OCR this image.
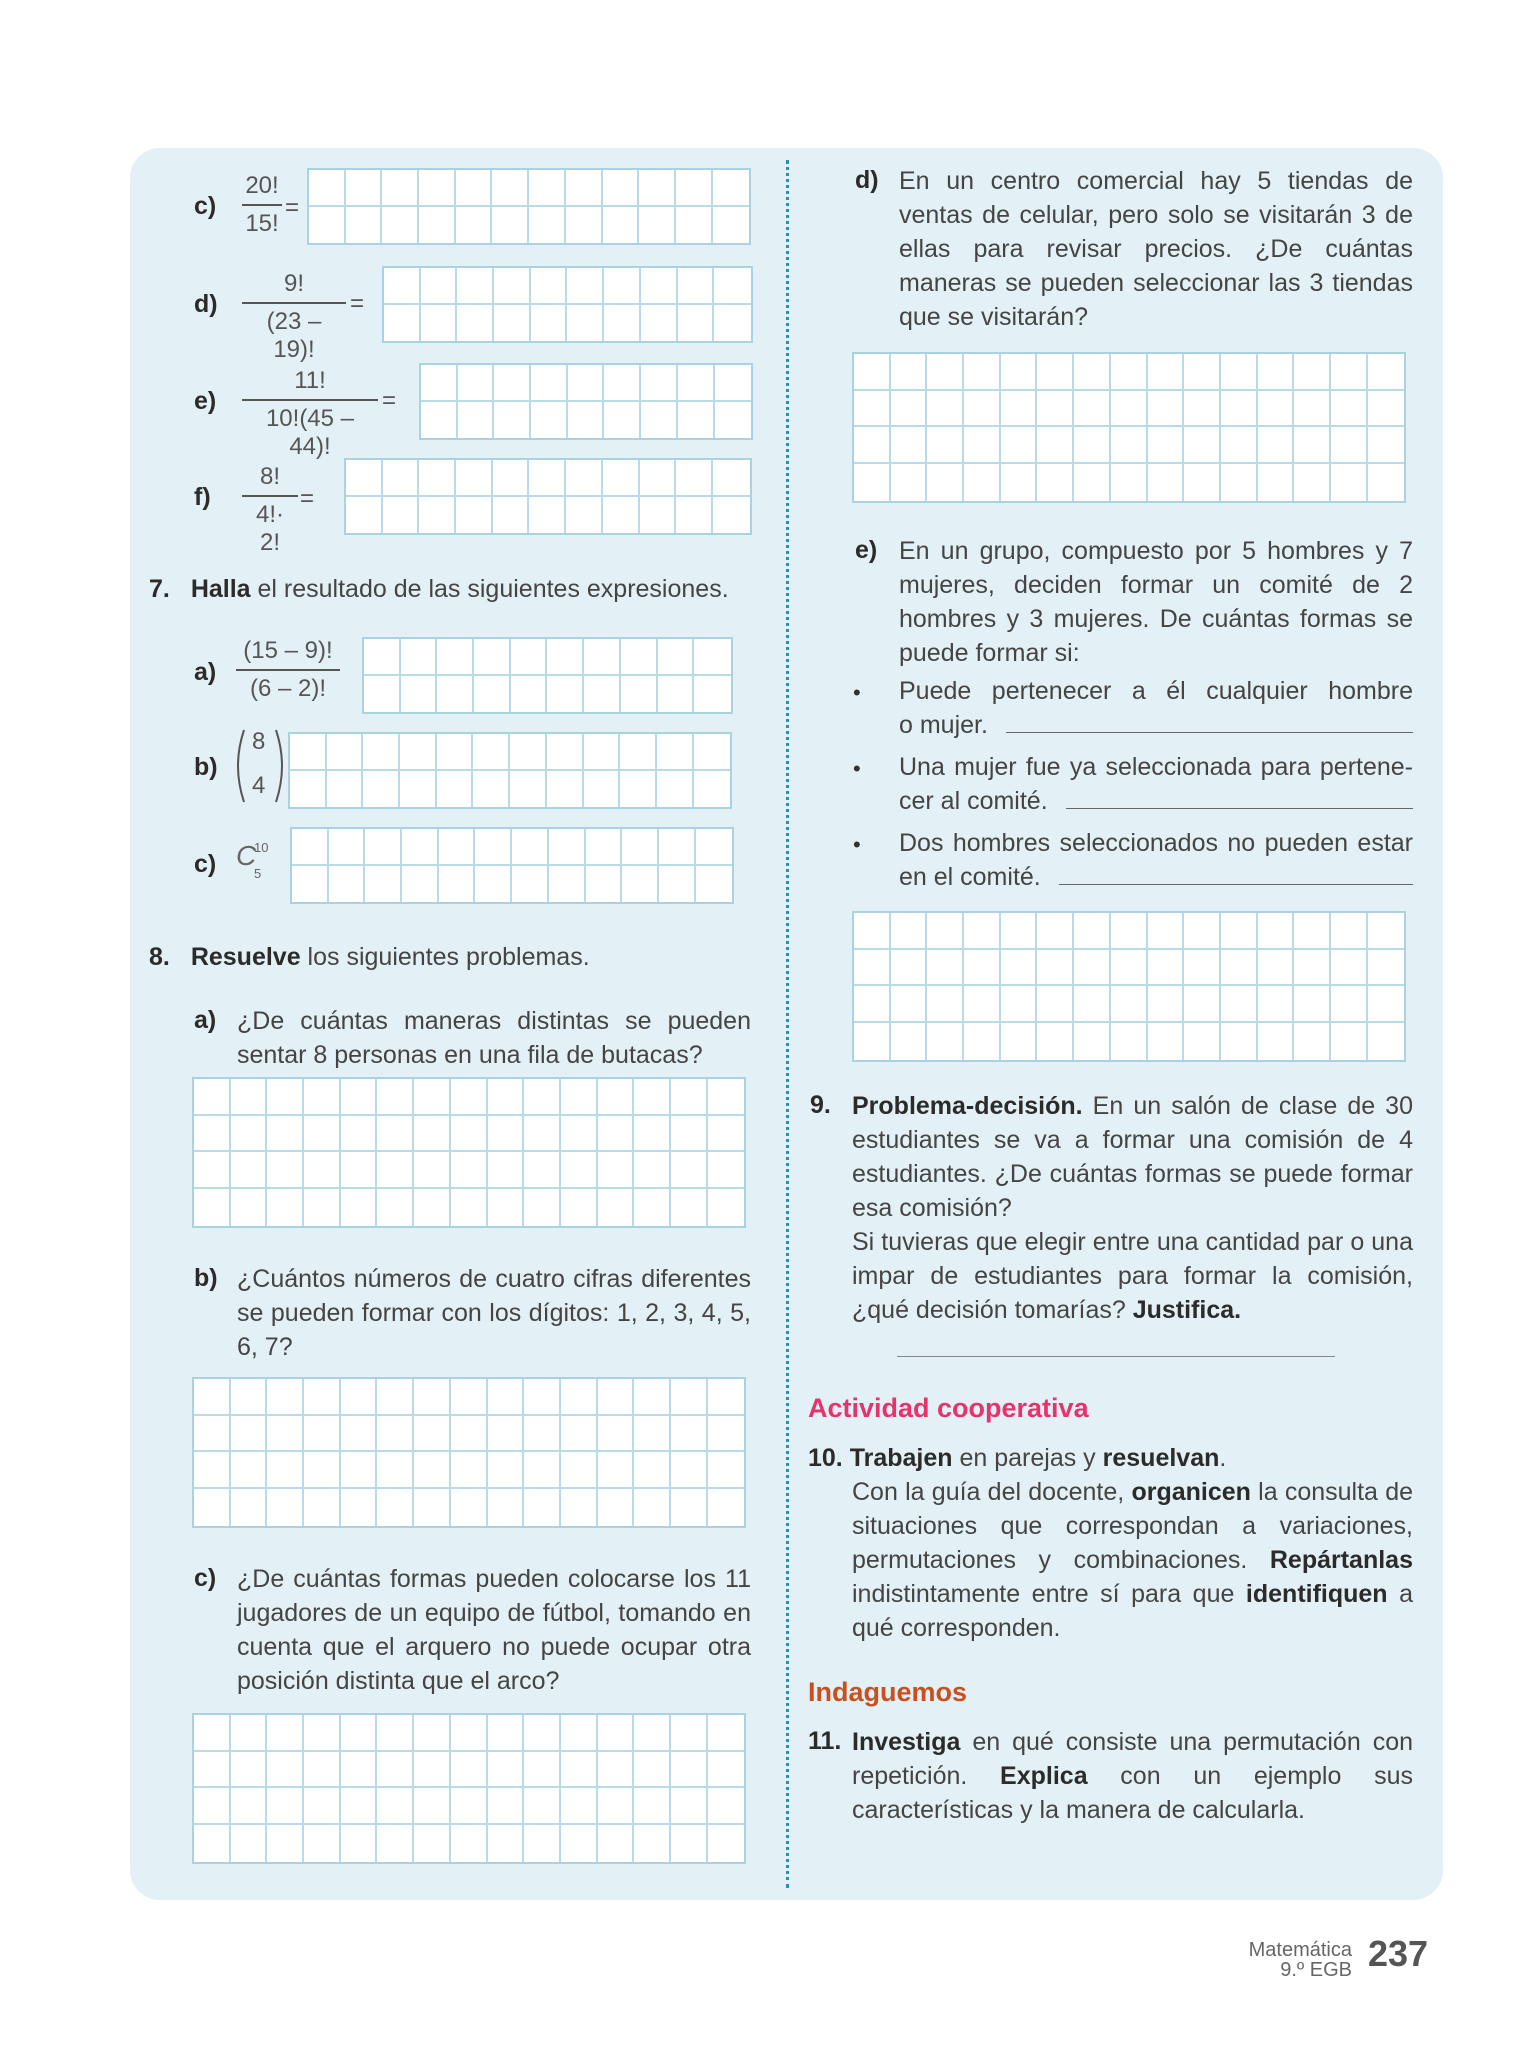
c)
20!
15!
=
d)
9!
(23 – 19)!
=
e)
11!
10!(45 – 44)!
=
f)
8!
4!· 2!
=
7. Halla el resultado de las siguientes expresiones.
a)
(15 – 9)!
(6 – 2)!
b)
8
4
c) C
10
5
8. Resuelve los siguientes problemas.
a) ¿De cuántas maneras distintas se pueden sentar 8 personas en una fila de butacas?
b) ¿Cuántos números de cuatro cifras diferentes se pueden formar con los dígitos: 1, 2, 3, 4, 5, 6, 7?
c) ¿De cuántas formas pueden colocarse los 11 jugadores de un equipo de fútbol, tomando en cuenta que el arquero no puede ocupar otra posición distinta que el arco?
d) En un centro comercial hay 5 tiendas de ventas de celular, pero solo se visitarán 3 de ellas para revisar precios. ¿De cuántas maneras se pueden seleccionar las 3 tiendas que se visitarán?
e) En un grupo, compuesto por 5 hombres y 7 mujeres, deciden formar un comité de 2 hombres y 3 mujeres. De cuántas formas se puede formar si:
• Puede pertenecer a él cualquier hombre
o mujer.
• Una mujer fue ya seleccionada para pertene-
cer al comité.
• Dos hombres seleccionados no pueden estar
en el comité.
9. Problema-decisión. En un salón de clase de 30 estudiantes se va a formar una comisión de 4 estudiantes. ¿De cuántas formas se puede formar esa comisión?
Si tuvieras que elegir entre una cantidad par o una impar de estudiantes para formar la comisión, ¿qué decisión tomarías? Justifica.
Actividad cooperativa
10. Trabajen en parejas y resuelvan.
Con la guía del docente, organicen la consulta de situaciones que correspondan a variaciones, permutaciones y combinaciones. Repártanlas indistintamente entre sí para que identifiquen a qué corresponden.
Indaguemos
11. Investiga en qué consiste una permutación con repetición. Explica con un ejemplo sus características y la manera de calcularla.
Matemática
9.º EGB 237
